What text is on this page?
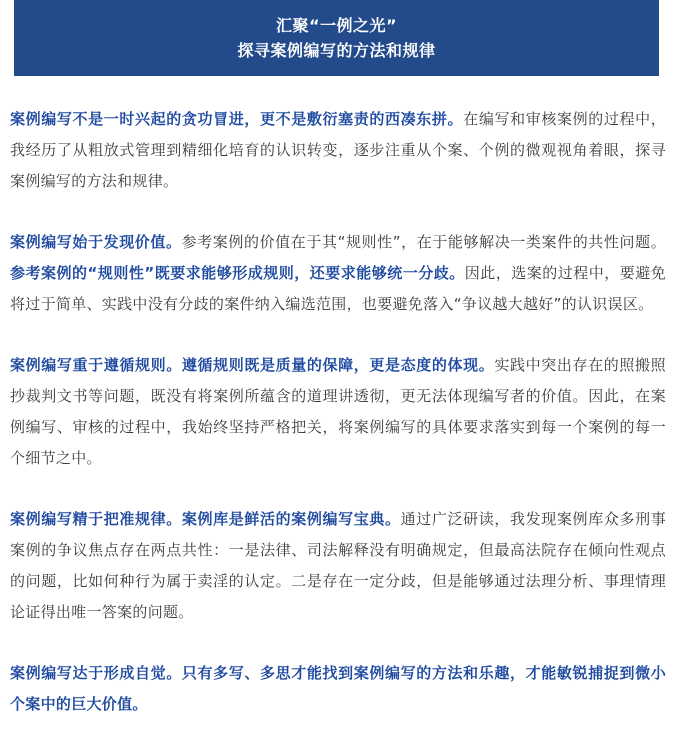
汇聚“一例之光”
探寻案例编写的方法和规律

案例编写不是一时兴起的贪功冒进，更不是敷衍塞责的西凑东拼。在编写和审核案例的过程中，我经历了从粗放式管理到精细化培育的认识转变，逐步注重从个案、个例的微观视角着眼，探寻案例编写的方法和规律。

案例编写始于发现价值。参考案例的价值在于其“规则性”，在于能够解决一类案件的共性问题。参考案例的“规则性”既要求能够形成规则，还要求能够统一分歧。因此，选案的过程中，要避免将过于简单、实践中没有分歧的案件纳入编选范围，也要避免落入“争议越大越好”的认识误区。

案例编写重于遵循规则。遵循规则既是质量的保障，更是态度的体现。实践中突出存在的照搬照抄裁判文书等问题，既没有将案例所蕴含的道理讲透彻，更无法体现编写者的价值。因此，在案例编写、审核的过程中，我始终坚持严格把关，将案例编写的具体要求落实到每一个案例的每一个细节之中。

案例编写精于把准规律。案例库是鲜活的案例编写宝典。通过广泛研读，我发现案例库众多刑事案例的争议焦点存在两点共性：一是法律、司法解释没有明确规定，但最高法院存在倾向性观点的问题，比如何种行为属于卖淫的认定。二是存在一定分歧，但是能够通过法理分析、事理情理论证得出唯一答案的问题。

案例编写达于形成自觉。只有多写、多思才能找到案例编写的方法和乐趣，才能敏锐捕捉到微小个案中的巨大价值。
